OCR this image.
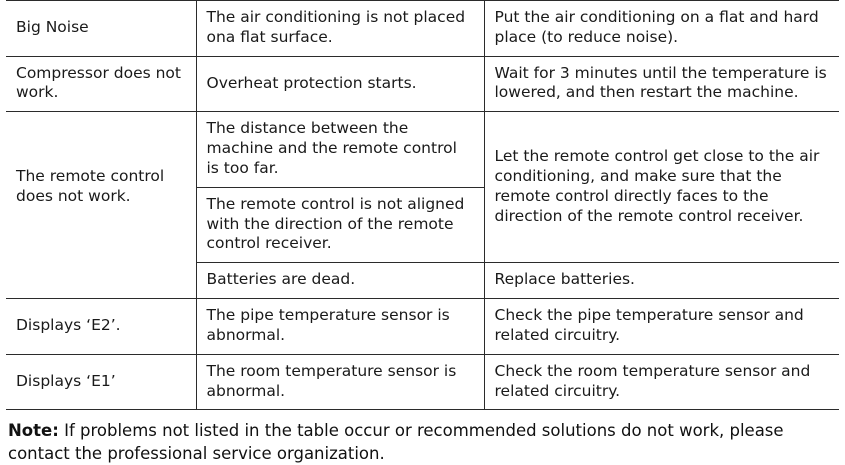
Big Noise	The air conditioning is not placed ona flat surface.	Put the air conditioning on a flat and hard place (to reduce noise).
Compressor does not work.	Overheat protection starts.	Wait for 3 minutes until the temperature is lowered, and then restart the machine.
The remote control does not work.	The distance between the machine and the remote control is too far.	Let the remote control get close to the air conditioning, and make sure that the remote control directly faces to the direction of the remote control receiver.
	The remote control is not aligned with the direction of the remote control receiver.	
	Batteries are dead.	Replace batteries.
Displays ‘E2’.	The pipe temperature sensor is abnormal.	Check the pipe temperature sensor and related circuitry.
Displays ‘E1’	The room temperature sensor is abnormal.	Check the room temperature sensor and related circuitry.

Note: If problems not listed in the table occur or recommended solutions do not work, please contact the professional service organization.
